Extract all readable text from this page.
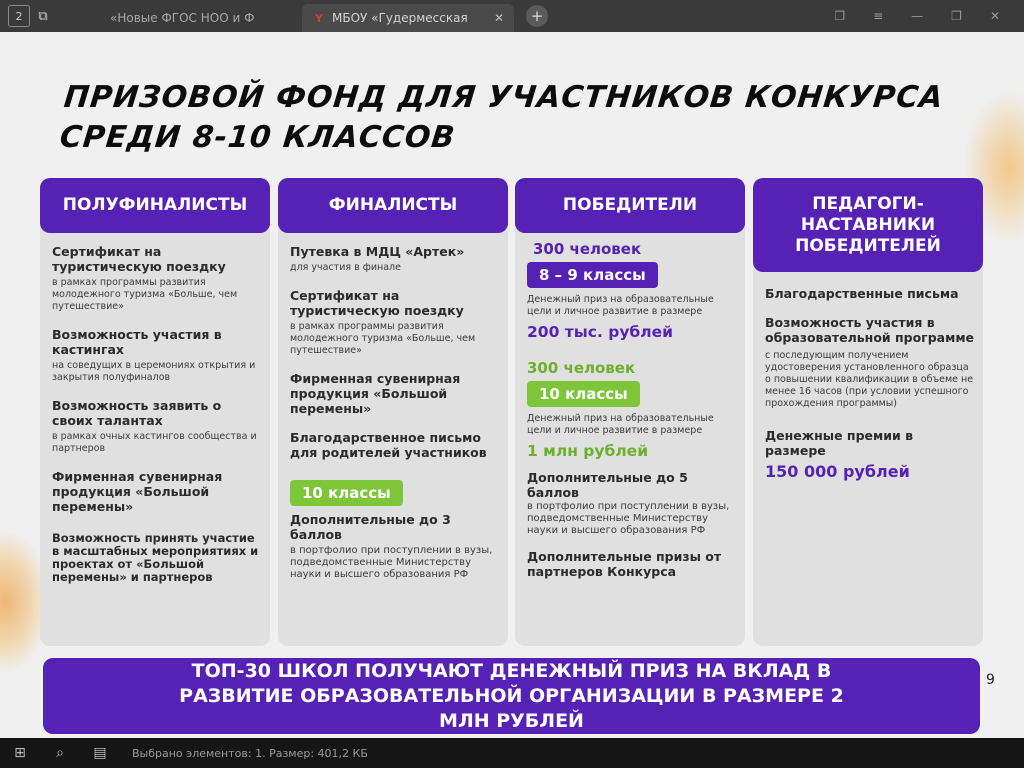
2	⧉	«Новые ФГОС НОО и Ф	Y МБОУ «Гудермесская	✕ +	❐ ≡ — ❐ ✕
ПРИЗОВОЙ ФОНД ДЛЯ УЧАСТНИКОВ КОНКУРСА
СРЕДИ 8-10 КЛАССОВ
ПОЛУФИНАЛИСТЫ
Сертификат на туристическую поездку
в рамках программы развития молодежного туризма «Больше, чем путешествие»
Возможность участия в кастингах
на соведущих в церемониях открытия и закрытия полуфиналов
Возможность заявить о своих талантах
в рамках очных кастингов сообщества и партнеров
Фирменная сувенирная продукция «Большой перемены»
Возможность принять участие в масштабных мероприятиях и проектах от «Большой перемены» и партнеров
ФИНАЛИСТЫ
Путевка в МДЦ «Артек»
для участия в финале
Сертификат на туристическую поездку
в рамках программы развития молодежного туризма «Больше, чем путешествие»
Фирменная сувенирная продукция «Большой перемены»
Благодарственное письмо для родителей участников
10 классы
Дополнительные до 3 баллов
в портфолио при поступлении в вузы, подведомственные Министерству науки и высшего образования РФ
ПОБЕДИТЕЛИ
300 человек
8 – 9 классы
Денежный приз на образовательные цели и личное развитие в размере
200 тыс. рублей
300 человек
10 классы
Денежный приз на образовательные цели и личное развитие в размере
1 млн рублей
Дополнительные до 5 баллов
в портфолио при поступлении в вузы, подведомственные Министерству науки и высшего образования РФ
Дополнительные призы от партнеров Конкурса
ПЕДАГОГИ- НАСТАВНИКИ ПОБЕДИТЕЛЕЙ
Благодарственные письма
Возможность участия в образовательной программе
с последующим получением удостоверения установленного образца о повышении квалификации в объеме не менее 16 часов (при условии успешного прохождения программы)
Денежные премии в размере
150 000 рублей
ТОП-30 ШКОЛ ПОЛУЧАЮТ ДЕНЕЖНЫЙ ПРИЗ НА ВКЛАД В РАЗВИТИЕ ОБРАЗОВАТЕЛЬНОЙ ОРГАНИЗАЦИИ В РАЗМЕРЕ 2 МЛН РУБЛЕЙ
9
⊞	⌕	▤	Выбрано элементов: 1. Размер: 401,2 КБ
